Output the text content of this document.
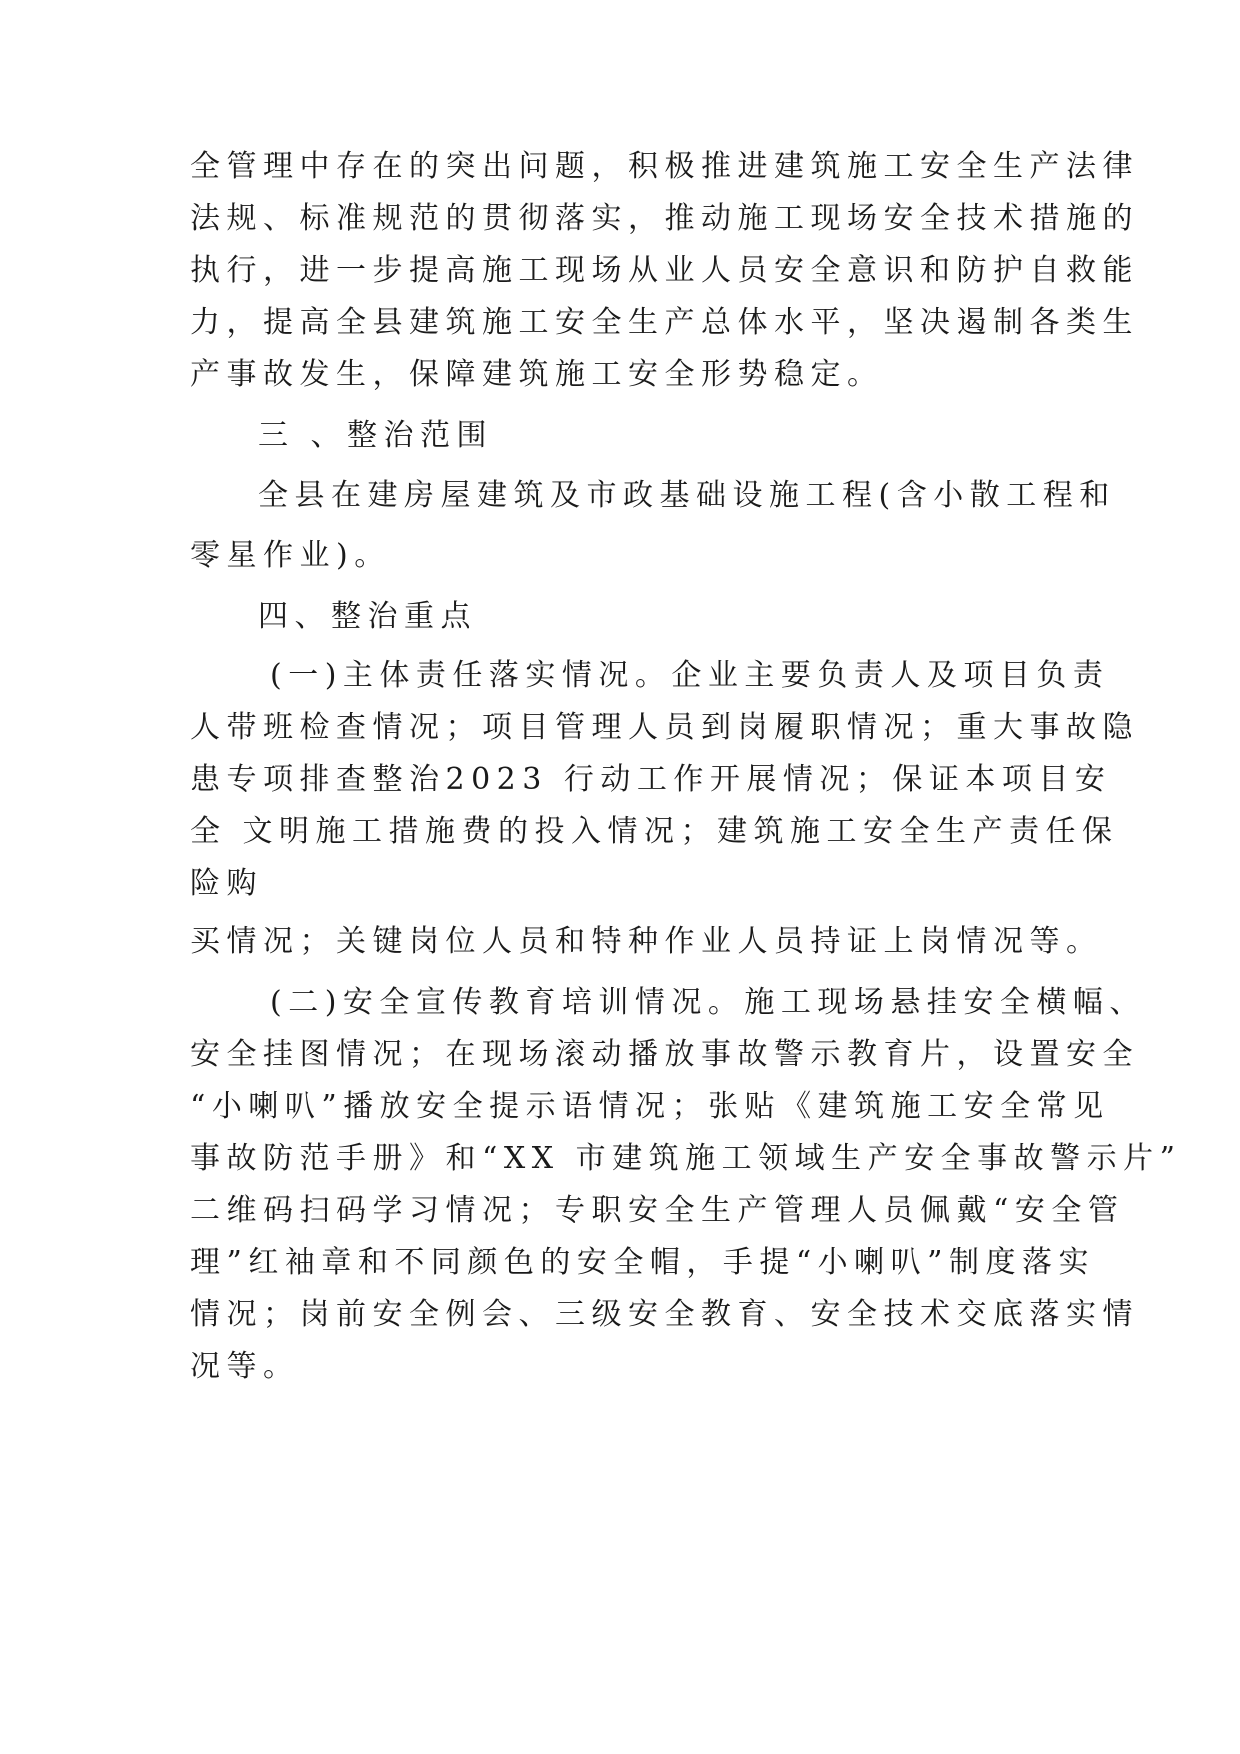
全管理中存在的突出问题，积极推进建筑施工安全生产法律

法规、标准规范的贯彻落实，推动施工现场安全技术措施的

执行，进一步提高施工现场从业人员安全意识和防护自救能

力，提高全县建筑施工安全生产总体水平，坚决遏制各类生

产事故发生，保障建筑施工安全形势稳定。

三 、整治范围

全县在建房屋建筑及市政基础设施工程(含小散工程和

零星作业)。

四、整治重点

(一)主体责任落实情况。企业主要负责人及项目负责

人带班检查情况；项目管理人员到岗履职情况；重大事故隐

患专项排查整治2023 行动工作开展情况；保证本项目安

全 文明施工措施费的投入情况；建筑施工安全生产责任保

险购

买情况；关键岗位人员和特种作业人员持证上岗情况等。

(二)安全宣传教育培训情况。施工现场悬挂安全横幅、

安全挂图情况；在现场滚动播放事故警示教育片，设置安全

“小喇叭”播放安全提示语情况；张贴《建筑施工安全常见

事故防范手册》和“XX 市建筑施工领域生产安全事故警示片”

二维码扫码学习情况；专职安全生产管理人员佩戴“安全管

理”红袖章和不同颜色的安全帽，手提“小喇叭”制度落实

情况；岗前安全例会、三级安全教育、安全技术交底落实情

况等。
